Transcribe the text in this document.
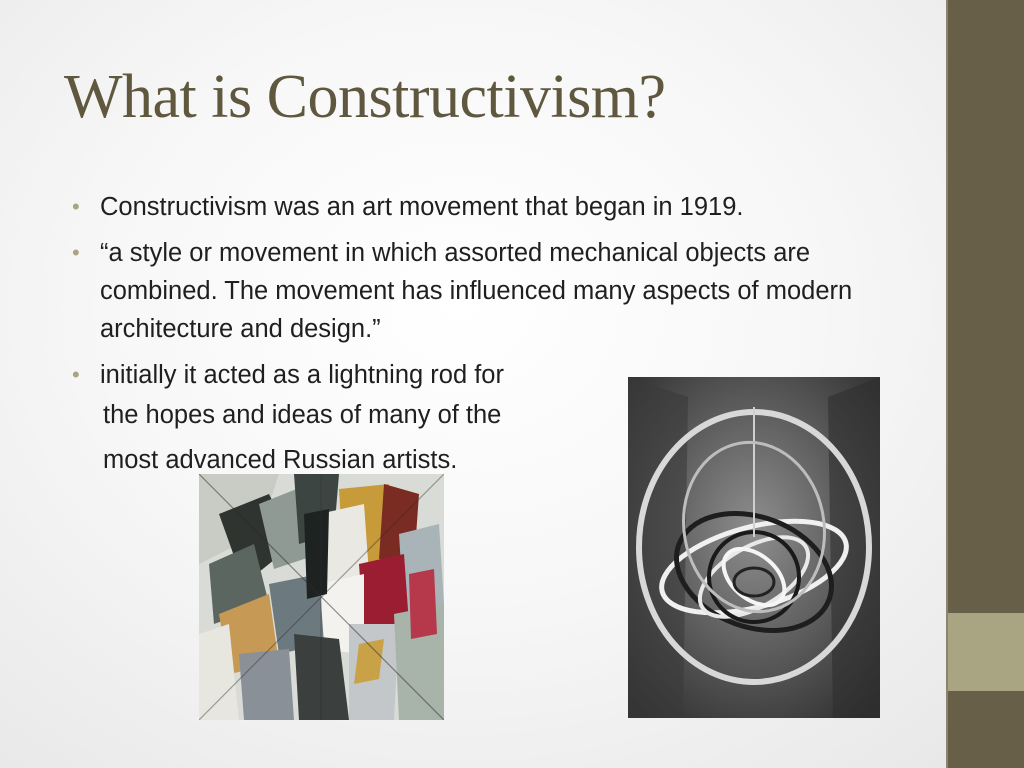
What is Constructivism?
• Constructivism was an art movement that began in 1919.
• “a style or movement in which assorted mechanical objects are combined. The movement has influenced many aspects of modern architecture and design.”
• initially it acted as a lightning rod for
the hopes and ideas of many of the
most advanced Russian artists.
